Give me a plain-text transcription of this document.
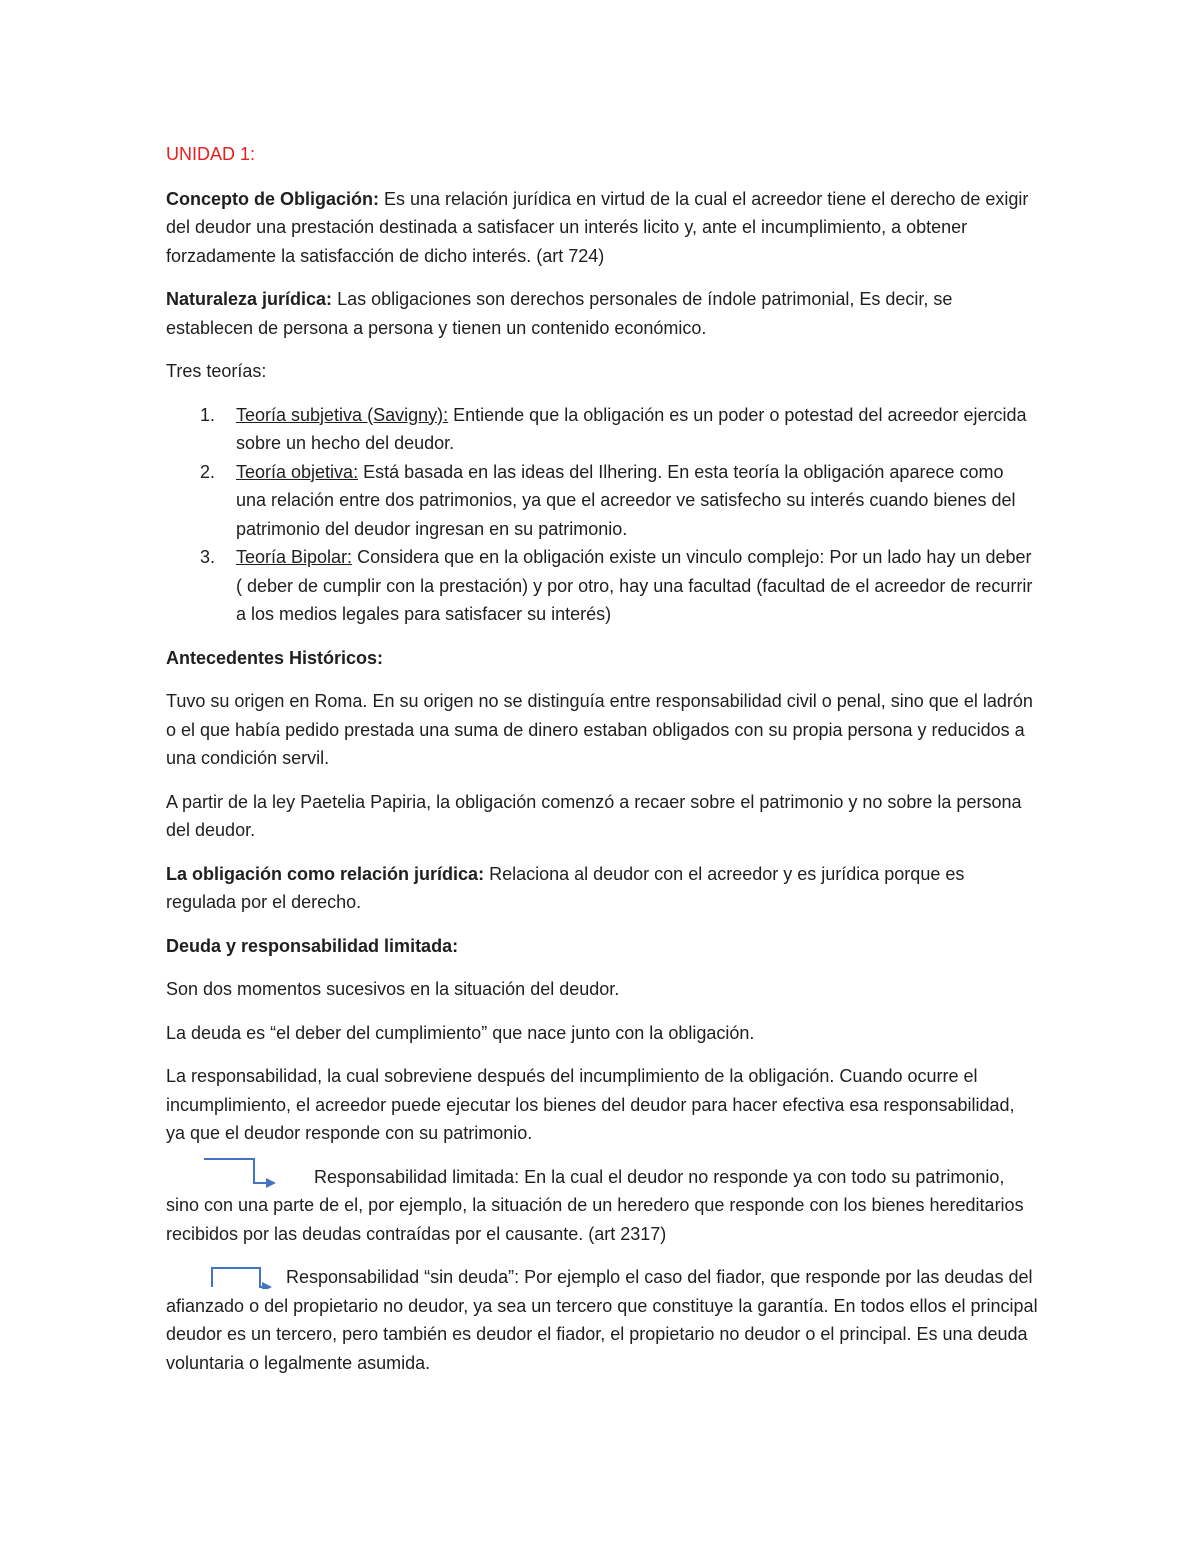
UNIDAD 1:

Concepto de Obligación: Es una relación jurídica en virtud de la cual el acreedor tiene el derecho de exigir del deudor una prestación destinada a satisfacer un interés licito y, ante el incumplimiento, a obtener forzadamente la satisfacción de dicho interés. (art 724)

Naturaleza jurídica: Las obligaciones son derechos personales de índole patrimonial, Es decir, se establecen de persona a persona y tienen un contenido económico.

Tres teorías:

1. Teoría subjetiva (Savigny): Entiende que la obligación es un poder o potestad del acreedor ejercida sobre un hecho del deudor.
2. Teoría objetiva: Está basada en las ideas del Ilhering. En esta teoría la obligación aparece como una relación entre dos patrimonios, ya que el acreedor ve satisfecho su interés cuando bienes del patrimonio del deudor ingresan en su patrimonio.
3. Teoría Bipolar: Considera que en la obligación existe un vinculo complejo: Por un lado hay un deber ( deber de cumplir con la prestación) y por otro, hay una facultad (facultad de el acreedor de recurrir a los medios legales para satisfacer su interés)

Antecedentes Históricos:

Tuvo su origen en Roma. En su origen no se distinguía entre responsabilidad civil o penal, sino que el ladrón o el que había pedido prestada una suma de dinero estaban obligados con su propia persona y reducidos a una condición servil.

A partir de la ley Paetelia Papiria, la obligación comenzó a recaer sobre el patrimonio y no sobre la persona del deudor.

La obligación como relación jurídica: Relaciona al deudor con el acreedor y es jurídica porque es regulada por el derecho.

Deuda y responsabilidad limitada:

Son dos momentos sucesivos en la situación del deudor.

La deuda es “el deber del cumplimiento” que nace junto con la obligación.

La responsabilidad, la cual sobreviene después del incumplimiento de la obligación. Cuando ocurre el incumplimiento, el acreedor puede ejecutar los bienes del deudor para hacer efectiva esa responsabilidad, ya que el deudor responde con su patrimonio.

Responsabilidad limitada: En la cual el deudor no responde ya con todo su patrimonio, sino con una parte de el, por ejemplo, la situación de un heredero que responde con los bienes hereditarios recibidos por las deudas contraídas por el causante. (art 2317)

Responsabilidad “sin deuda”: Por ejemplo el caso del fiador, que responde por las deudas del afianzado o del propietario no deudor, ya sea un tercero que constituye la garantía. En todos ellos el principal deudor es un tercero, pero también es deudor el fiador, el propietario no deudor o el principal. Es una deuda voluntaria o legalmente asumida.
